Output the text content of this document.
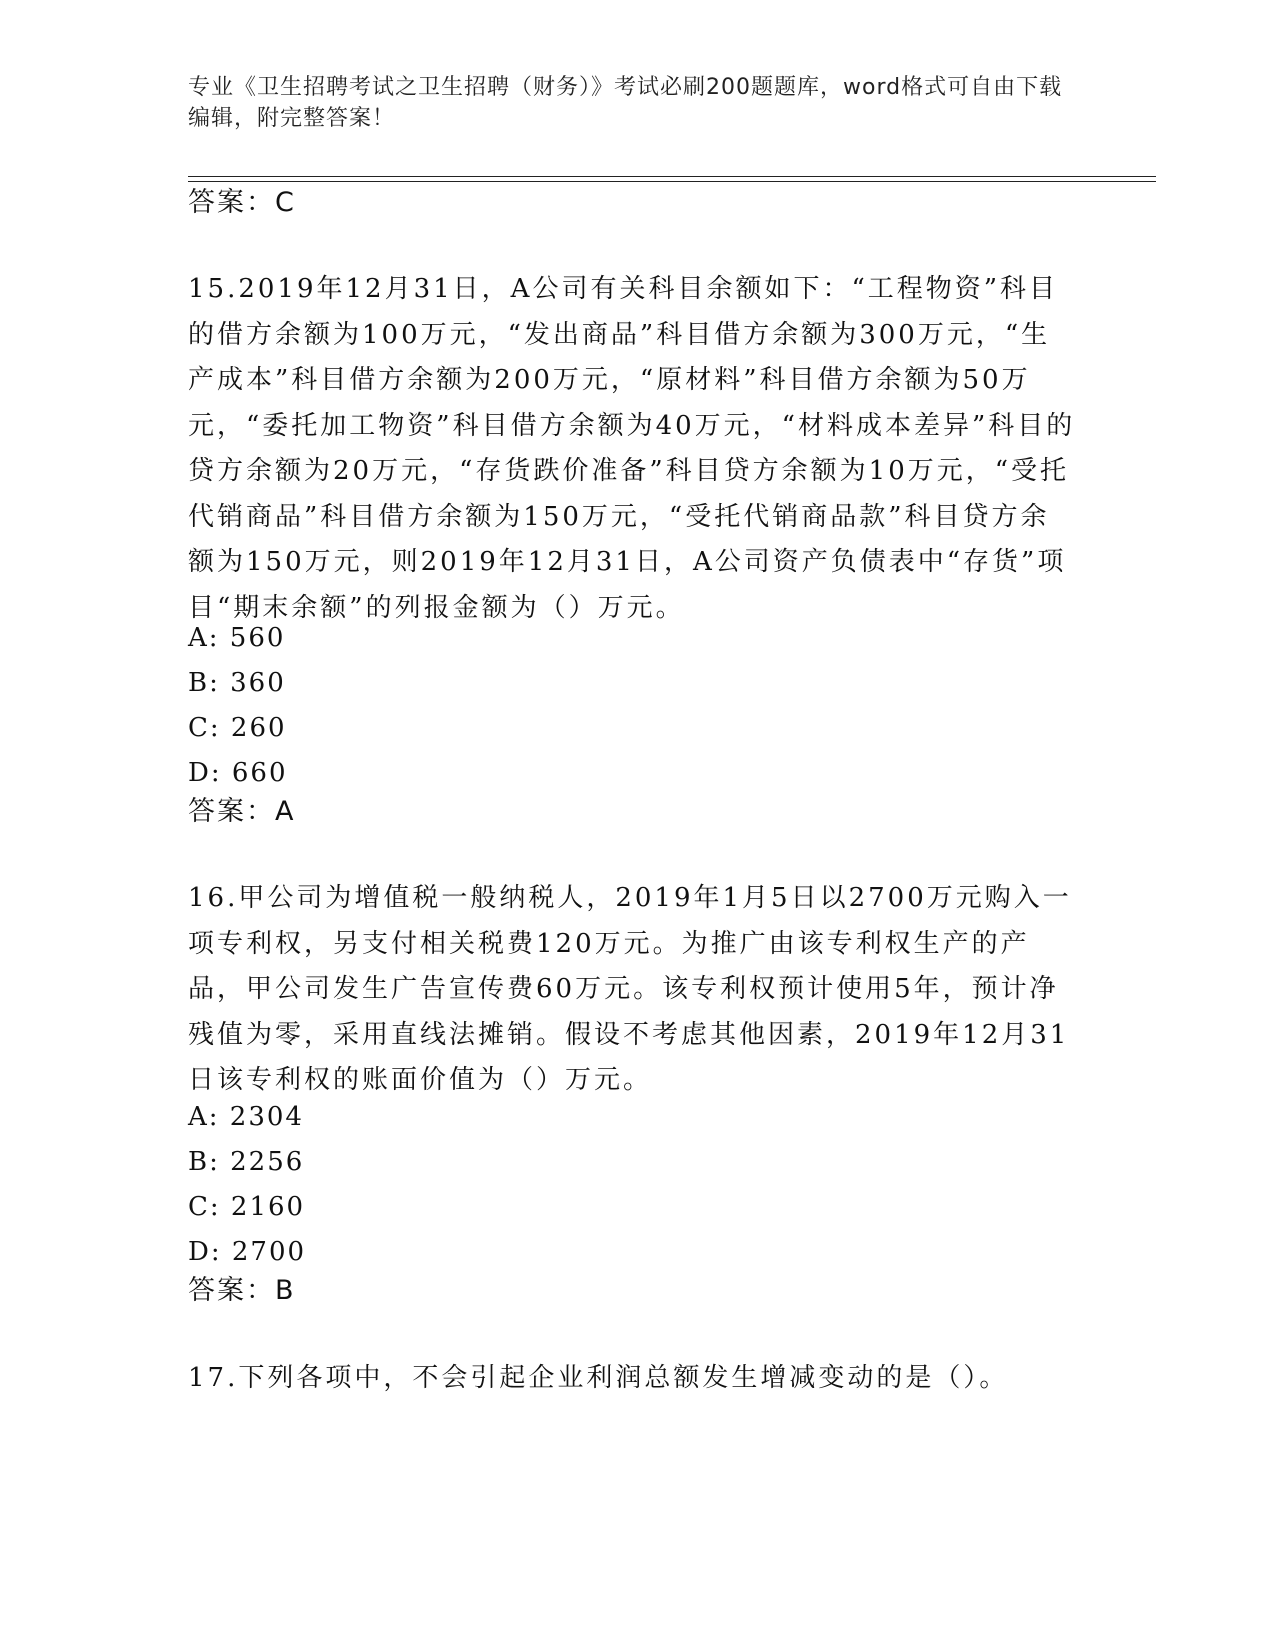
专业《卫生招聘考试之卫生招聘（财务）》考试必刷200题题库，word格式可自由下载编辑，附完整答案！
答案：C
15.2019年12月31日，A公司有关科目余额如下：“工程物资”科目的借方余额为100万元，“发出商品”科目借方余额为300万元，“生产成本”科目借方余额为200万元，“原材料”科目借方余额为50万元，“委托加工物资”科目借方余额为40万元，“材料成本差异”科目的贷方余额为20万元，“存货跌价准备”科目贷方余额为10万元，“受托代销商品”科目借方余额为150万元，“受托代销商品款”科目贷方余额为150万元，则2019年12月31日，A公司资产负债表中“存货”项目“期末余额”的列报金额为（）万元。
A: 560
B: 360
C: 260
D: 660
答案：A
16.甲公司为增值税一般纳税人，2019年1月5日以2700万元购入一项专利权，另支付相关税费120万元。为推广由该专利权生产的产品，甲公司发生广告宣传费60万元。该专利权预计使用5年，预计净残值为零，采用直线法摊销。假设不考虑其他因素，2019年12月31日该专利权的账面价值为（）万元。
A: 2304
B: 2256
C: 2160
D: 2700
答案：B
17.下列各项中，不会引起企业利润总额发生增减变动的是（）。
